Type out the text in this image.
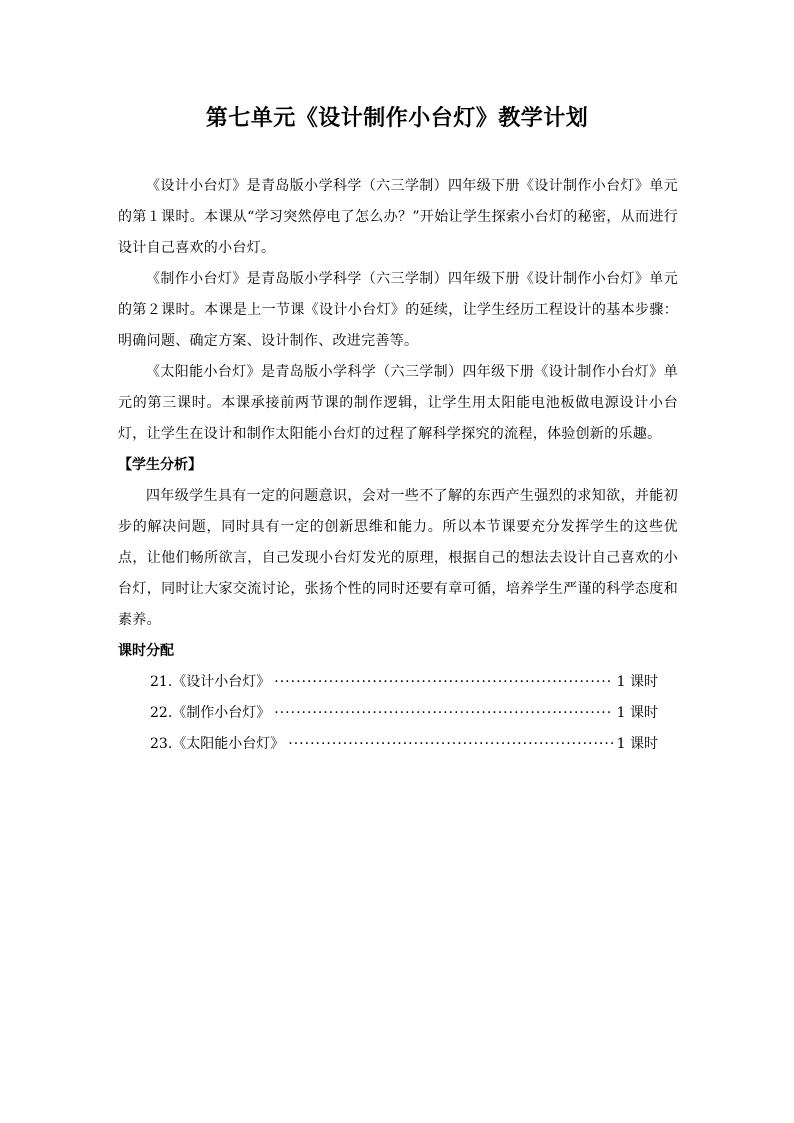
第七单元《设计制作小台灯》教学计划

《设计小台灯》是青岛版小学科学（六三学制）四年级下册《设计制作小台灯》单元的第１课时。本课从“学习突然停电了怎么办？”开始让学生探索小台灯的秘密，从而进行设计自己喜欢的小台灯。

《制作小台灯》是青岛版小学科学（六三学制）四年级下册《设计制作小台灯》单元的第２课时。本课是上一节课《设计小台灯》的延续，让学生经历工程设计的基本步骤：明确问题、确定方案、设计制作、改进完善等。

《太阳能小台灯》是青岛版小学科学（六三学制）四年级下册《设计制作小台灯》单元的第三课时。本课承接前两节课的制作逻辑，让学生用太阳能电池板做电源设计小台灯，让学生在设计和制作太阳能小台灯的过程了解科学探究的流程，体验创新的乐趣。

【学生分析】

四年级学生具有一定的问题意识，会对一些不了解的东西产生强烈的求知欲，并能初步的解决问题，同时具有一定的创新思维和能力。所以本节课要充分发挥学生的这些优点，让他们畅所欲言，自己发现小台灯发光的原理，根据自己的想法去设计自己喜欢的小台灯，同时让大家交流讨论，张扬个性的同时还要有章可循，培养学生严谨的科学态度和素养。

课时分配

21. 《设计小台灯》 ·····	1 课时
22. 《制作小台灯》 ·····	1 课时
23. 《太阳能小台灯》 ·····	1 课时
